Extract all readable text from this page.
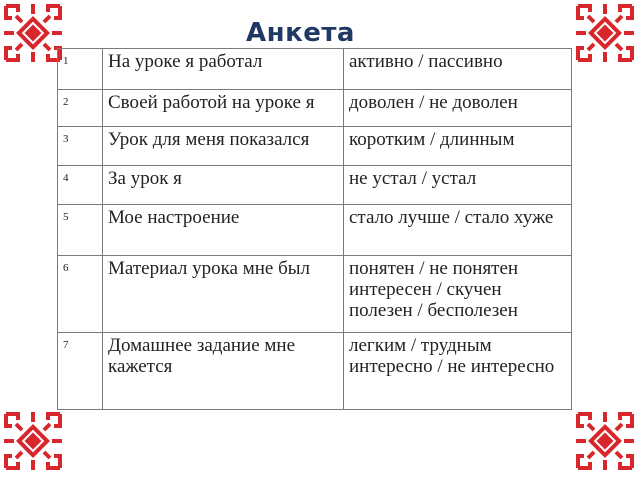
Анкета
1	На уроке я работал	активно / пассивно
2	Своей работой на уроке я	доволен / не доволен
3	Урок для меня показался	коротким / длинным
4	За урок я	не устал / устал
5	Мое настроение	стало лучше / стало хуже
6	Материал урока мне был	понятен / не понятен интересен / скучен полезен / бесполезен
7	Домашнее задание мне кажется	легким / трудным интересно / не интересно
